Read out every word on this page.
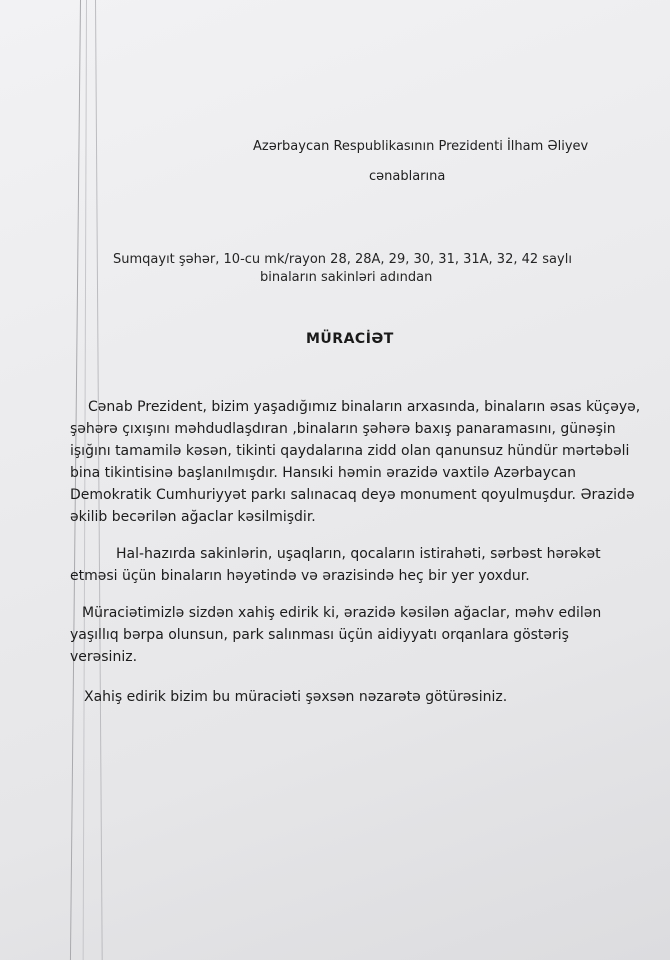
Azərbaycan Respublikasının Prezidenti İlham Əliyev
cənablarına
Sumqayıt şəhər, 10-cu mk/rayon 28, 28A, 29, 30, 31, 31A, 32, 42 saylı
binaların sakinləri adından
MÜRACİƏT
Cənab Prezident, bizim yaşadığımız binaların arxasında, binaların əsas küçəyə,
şəhərə çıxışını məhdudlaşdıran ,binaların şəhərə baxış panaramasını, günəşin
işığını tamamilə kəsən, tikinti qaydalarına zidd olan qanunsuz hündür mərtəbəli
bina tikintisinə başlanılmışdır. Hansıki həmin ərazidə vaxtilə Azərbaycan
Demokratik Cumhuriyyət parkı salınacaq deyə monument qoyulmuşdur. Ərazidə
əkilib becərilən ağaclar kəsilmişdir.
Hal-hazırda sakinlərin, uşaqların, qocaların istirahəti, sərbəst hərəkət
etməsi üçün binaların həyətində və ərazisində heç bir yer yoxdur.
Müraciətimizlə sizdən xahiş edirik ki, ərazidə kəsilən ağaclar, məhv edilən
yaşıllıq bərpa olunsun, park salınması üçün aidiyyatı orqanlara göstəriş
verəsiniz.
Xahiş edirik bizim bu müraciəti şəxsən nəzarətə götürəsiniz.
